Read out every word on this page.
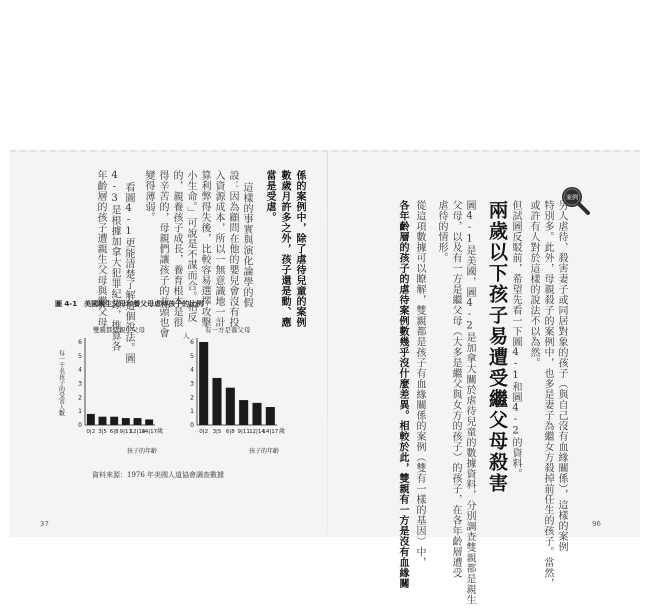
案例
兩歲以下孩子易遭受繼父母殺害	另人虐待、殺害妻子或同居對象的孩子（與自己沒有血緣關係），這樣的案例
特別多。此外，母親殺子的案例中，也多是妻子為繼女方殺掉前任生的孩子。當然，
或許有人對於這樣的說法不以為然。
但試圖反駁前，希望先看一下圖4-1和圖4-2的資料。
圖4-1是美國，圖4-2是加拿大關於虐待兒童的數據資料，分別調查雙親都是親生
父母，以及有一方是繼父母（大多是繼父與女方的孩子）的孩子，在各年齡層遭受
虐待的情形。
從這項數據可以瞭解，雙親都是孩子有血緣關係的案例（雙有一樣的基因）中，
各年齡層的孩子的虐待案例數幾乎沒什麼差異。相較於此，雙親有一方是沒有血緣關	96
係的案例中，除了虐待兒童的案例
數歲月許多之外，孩子還是動、應
當是受虐。
這樣的事實與演化論學的假
設：因為顧問在他的嬰兒會沒有投
入資源成本，所以一無意識地一計
算利弊得失後，比較容易選擇攻擊
小生命。」可說是不謀而合。相反
的，親養孩子成長，養育根本是很
得辛苦的，母親們讓孩子的益頭也會
變得薄弱。
看圖4-1更能清楚了解這個說法。圖
4-3是根據加拿大犯罪紀錄，推算各
年齡層的孩子遭親生父母與繼父母
圖 4-1　美國親生父母和養父母虐待孩子的比例
雙親都是親生父母
0
1
2
3
4
5
6
每一千名孩子的受害人數
0|2 3|5 6|8 9|11
12|14
14|17 歲
孩子的年齡
有一方是養父母
0
1
2
3
4
5
6
人
0|2 3|5 6|8 9|11 12|14
14|17 歲
孩子的年齡
資料來源：1976 年美國人道協會調查數據
37
